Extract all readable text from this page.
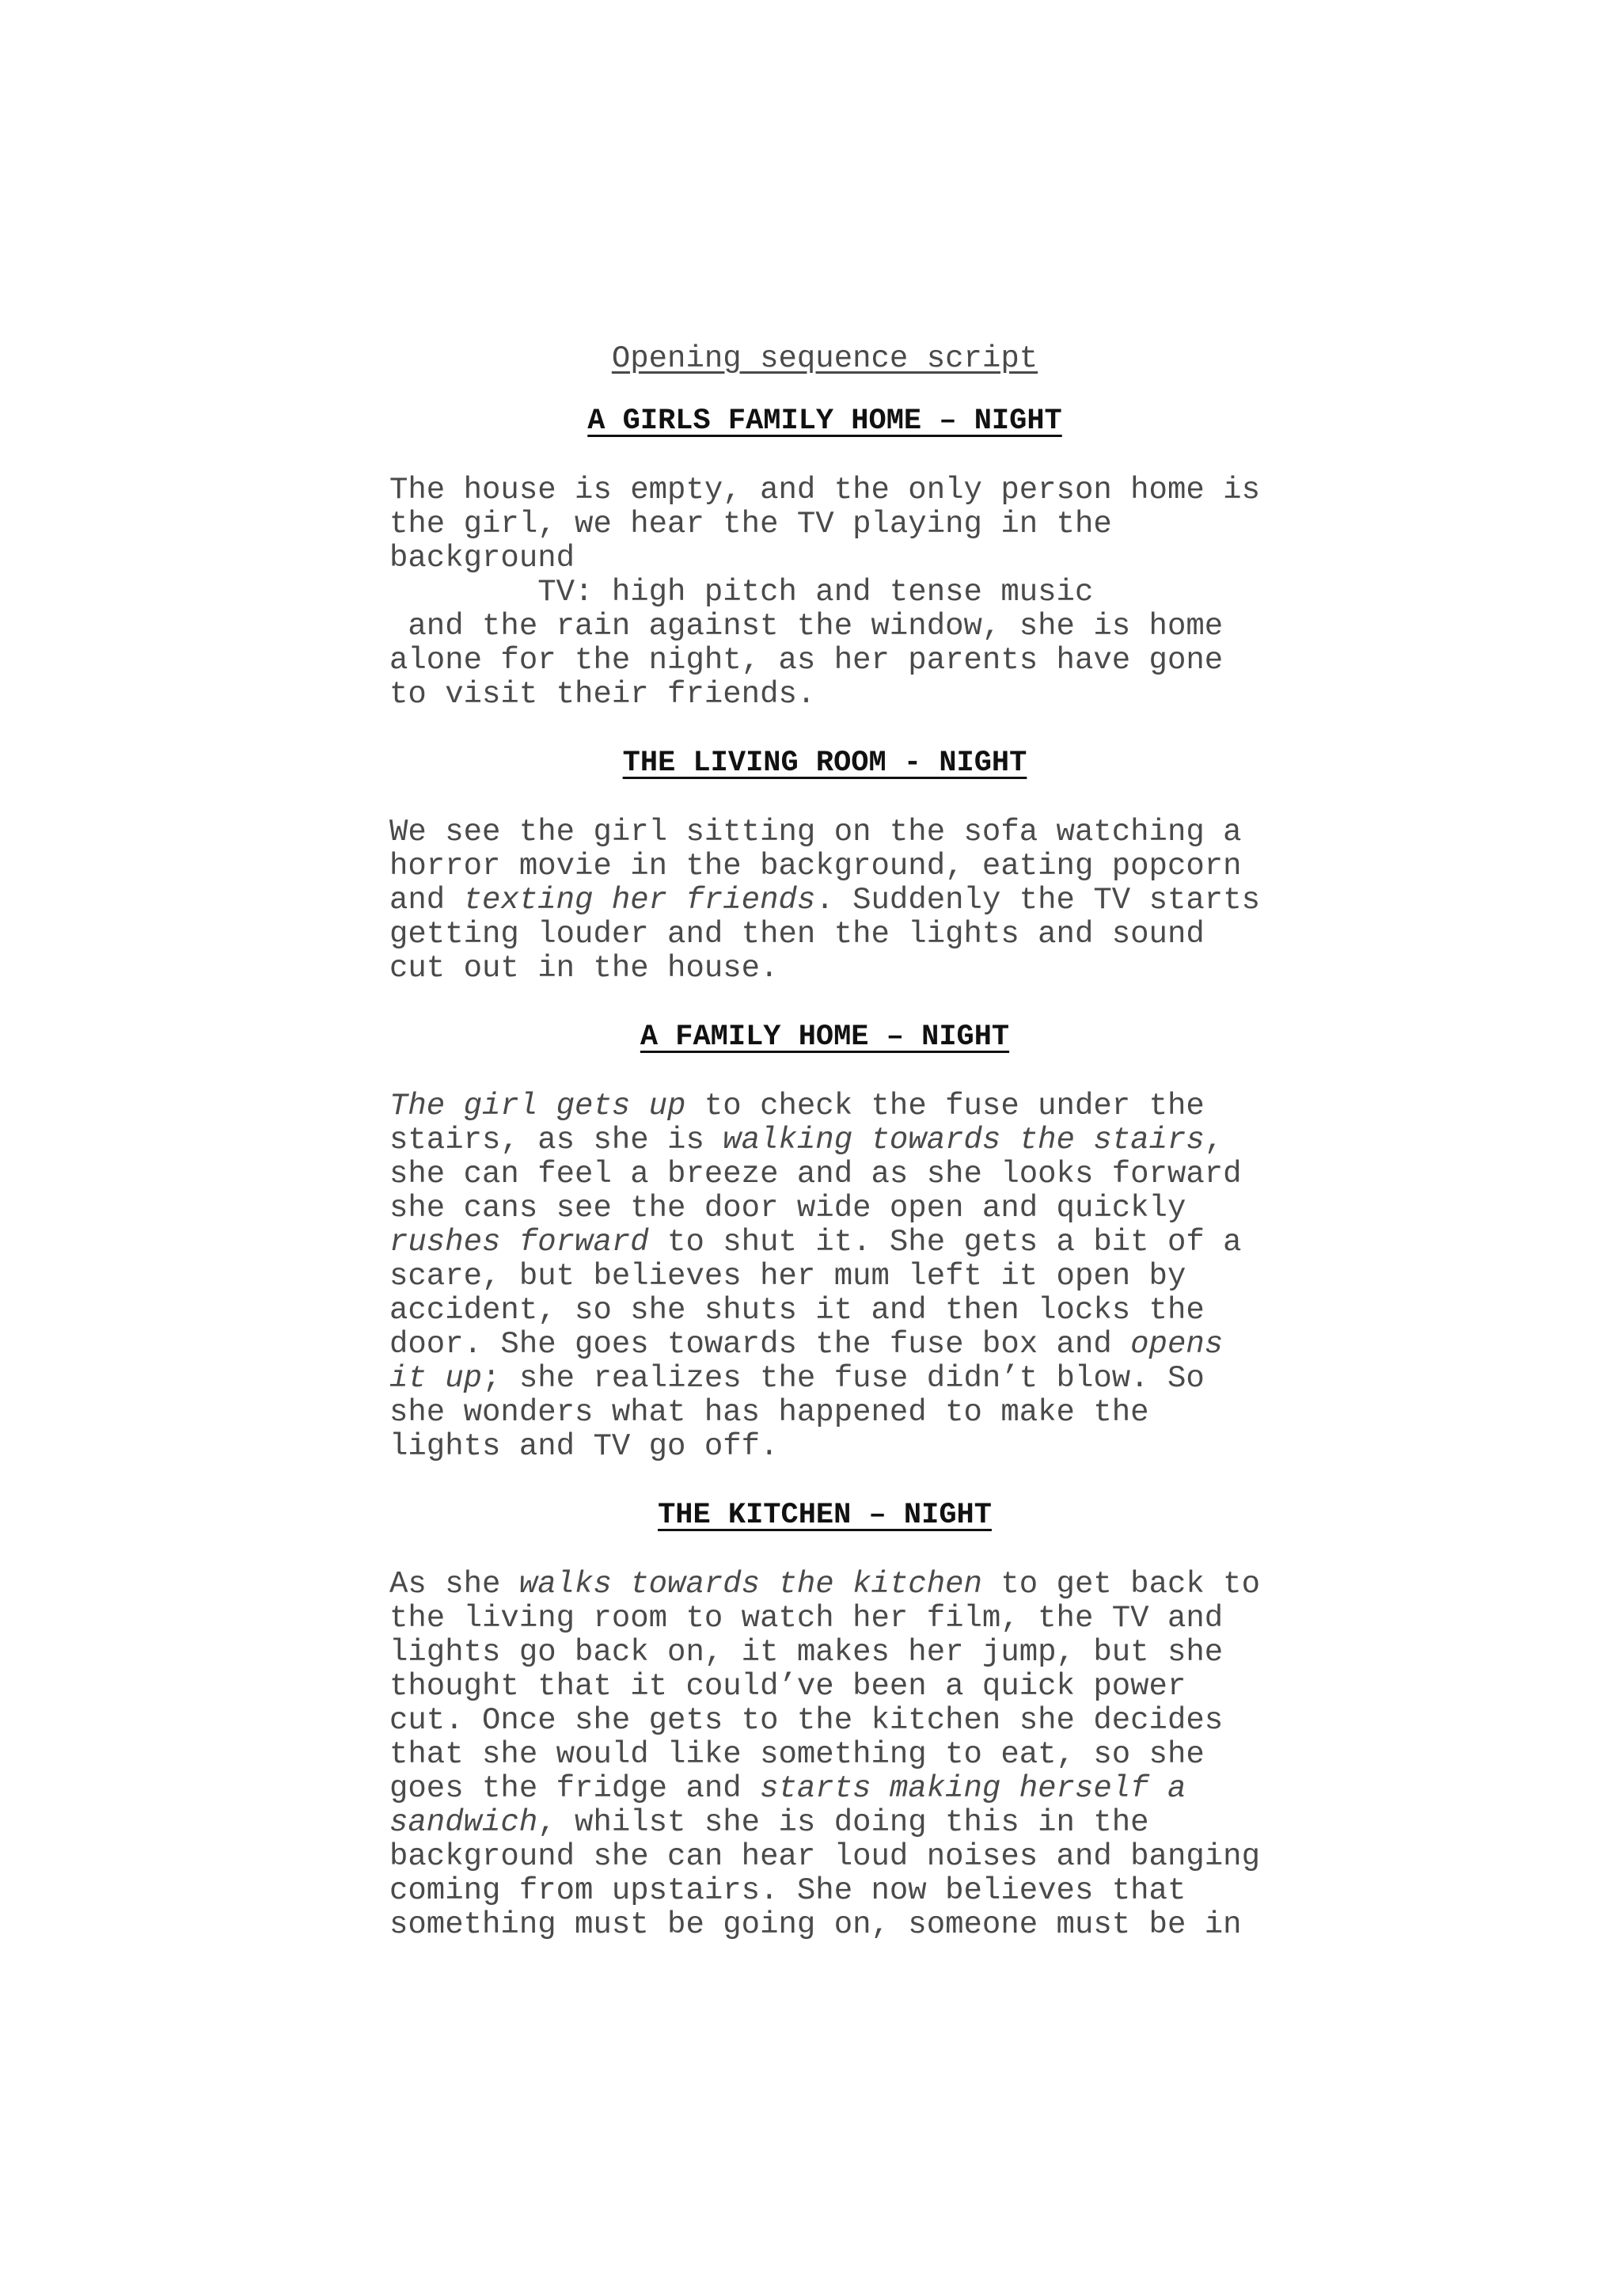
Opening sequence script
A GIRLS FAMILY HOME – NIGHT
The house is empty, and the only person home is
the girl, we hear the TV playing in the
background
TV: high pitch and tense music
and the rain against the window, she is home
alone for the night, as her parents have gone
to visit their friends.
THE LIVING ROOM - NIGHT
We see the girl sitting on the sofa watching a
horror movie in the background, eating popcorn
and texting her friends. Suddenly the TV starts
getting louder and then the lights and sound
cut out in the house.
A FAMILY HOME – NIGHT
The girl gets up to check the fuse under the
stairs, as she is walking towards the stairs,
she can feel a breeze and as she looks forward
she cans see the door wide open and quickly
rushes forward to shut it. She gets a bit of a
scare, but believes her mum left it open by
accident, so she shuts it and then locks the
door. She goes towards the fuse box and opens
it up; she realizes the fuse didn’t blow. So
she wonders what has happened to make the
lights and TV go off.
THE KITCHEN – NIGHT
As she walks towards the kitchen to get back to
the living room to watch her film, the TV and
lights go back on, it makes her jump, but she
thought that it could’ve been a quick power
cut. Once she gets to the kitchen she decides
that she would like something to eat, so she
goes the fridge and starts making herself a
sandwich, whilst she is doing this in the
background she can hear loud noises and banging
coming from upstairs. She now believes that
something must be going on, someone must be in
